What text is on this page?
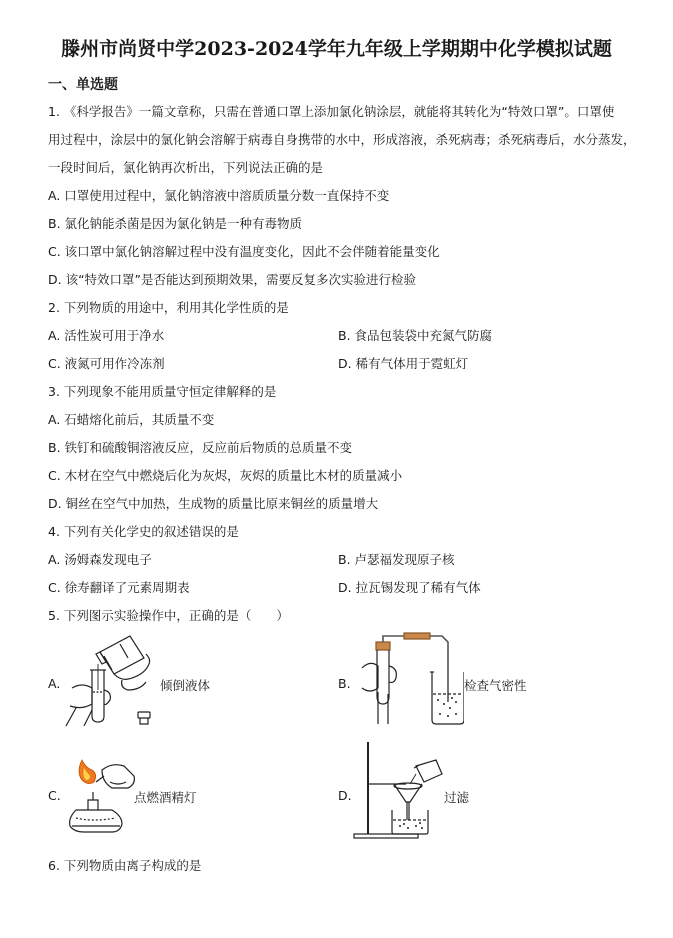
滕州市尚贤中学2023-2024学年九年级上学期期中化学模拟试题
一、单选题
1. 《科学报告》一篇文章称，只需在普通口罩上添加氯化钠涂层，就能将其转化为“特效口罩”。口罩使
用过程中，涂层中的氯化钠会溶解于病毒自身携带的水中，形成溶液，杀死病毒；杀死病毒后，水分蒸发，
一段时间后，氯化钠再次析出，下列说法正确的是
A. 口罩使用过程中，氯化钠溶液中溶质质量分数一直保持不变
B. 氯化钠能杀菌是因为氯化钠是一种有毒物质
C. 该口罩中氯化钠溶解过程中没有温度变化，因此不会伴随着能量变化
D. 该“特效口罩”是否能达到预期效果，需要反复多次实验进行检验
2. 下列物质的用途中，利用其化学性质的是
A. 活性炭可用于净水	B. 食品包装袋中充氮气防腐
C. 液氮可用作冷冻剂	D. 稀有气体用于霓虹灯
3. 下列现象不能用质量守恒定律解释的是
A. 石蜡熔化前后，其质量不变
B. 铁钉和硫酸铜溶液反应，反应前后物质的总质量不变
C. 木材在空气中燃烧后化为灰烬，灰烬的质量比木材的质量减小
D. 铜丝在空气中加热，生成物的质量比原来铜丝的质量增大
4. 下列有关化学史的叙述错误的是
A. 汤姆森发现电子	B. 卢瑟福发现原子核
C. 徐寿翻译了元素周期表	D. 拉瓦锡发现了稀有气体
5. 下列图示实验操作中，正确的是（　　）
A.	倾倒液体	B.	检查气密性
C.	点燃酒精灯	D.	过滤
6. 下列物质由离子构成的是
